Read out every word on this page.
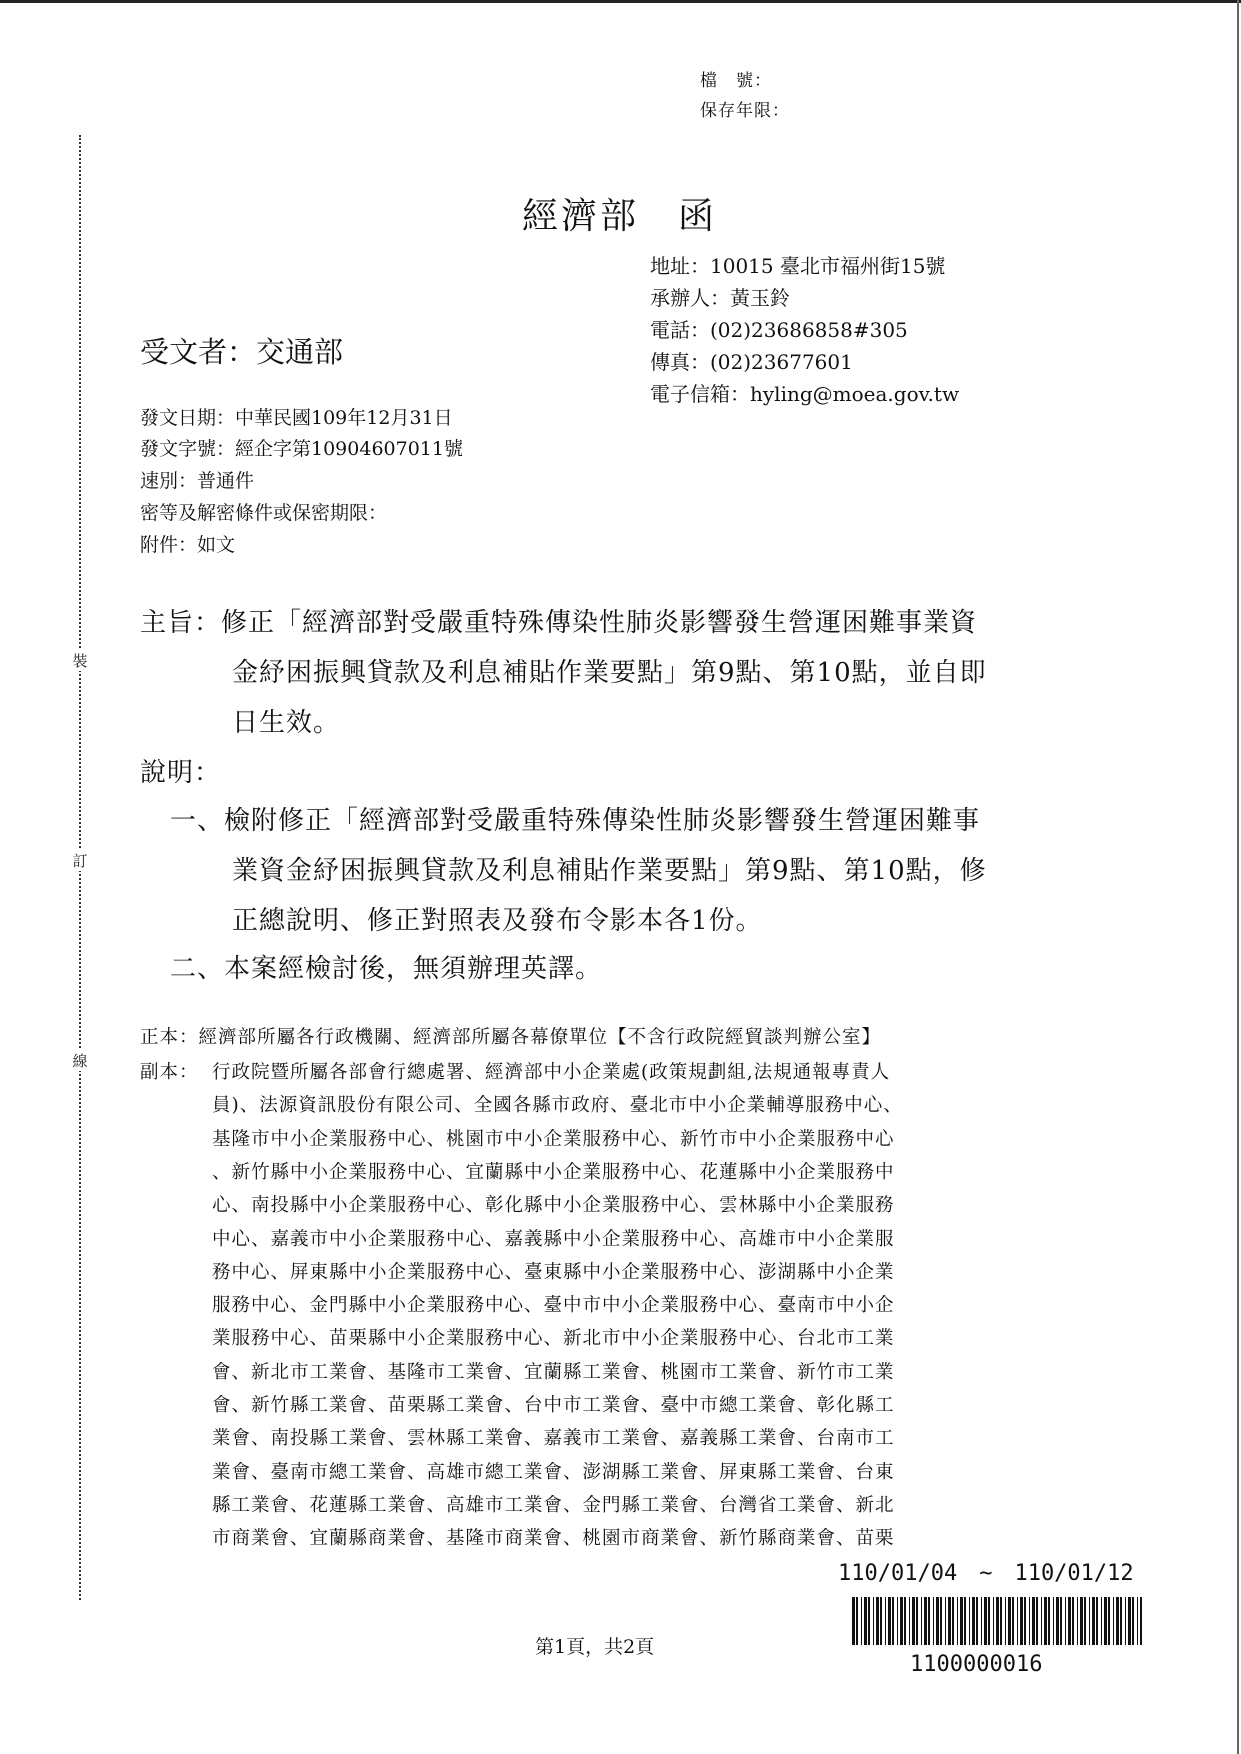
裝
訂
線
檔　號：
保存年限：
經濟部　函
地址：10015 臺北市福州街15號
承辦人：黃玉鈴
電話：(02)23686858#305
傳真：(02)23677601
電子信箱：hyling@moea.gov.tw
受文者：交通部
發文日期：中華民國109年12月31日
發文字號：經企字第10904607011號
速別：普通件
密等及解密條件或保密期限：
附件：如文
主旨：修正「經濟部對受嚴重特殊傳染性肺炎影響發生營運困難事業資
金紓困振興貸款及利息補貼作業要點」第9點、第10點，並自即
日生效。
說明：
一、檢附修正「經濟部對受嚴重特殊傳染性肺炎影響發生營運困難事
業資金紓困振興貸款及利息補貼作業要點」第9點、第10點，修
正總說明、修正對照表及發布令影本各1份。
二、本案經檢討後，無須辦理英譯。
正本：經濟部所屬各行政機關、經濟部所屬各幕僚單位【不含行政院經貿談判辦公室】
副本： 行政院暨所屬各部會行總處署、經濟部中小企業處(政策規劃組,法規通報專責人
員)、法源資訊股份有限公司、全國各縣市政府、臺北市中小企業輔導服務中心、
基隆市中小企業服務中心、桃園市中小企業服務中心、新竹市中小企業服務中心
、新竹縣中小企業服務中心、宜蘭縣中小企業服務中心、花蓮縣中小企業服務中
心、南投縣中小企業服務中心、彰化縣中小企業服務中心、雲林縣中小企業服務
中心、嘉義市中小企業服務中心、嘉義縣中小企業服務中心、高雄市中小企業服
務中心、屏東縣中小企業服務中心、臺東縣中小企業服務中心、澎湖縣中小企業
服務中心、金門縣中小企業服務中心、臺中市中小企業服務中心、臺南市中小企
業服務中心、苗栗縣中小企業服務中心、新北市中小企業服務中心、台北市工業
會、新北市工業會、基隆市工業會、宜蘭縣工業會、桃園市工業會、新竹市工業
會、新竹縣工業會、苗栗縣工業會、台中市工業會、臺中市總工業會、彰化縣工
業會、南投縣工業會、雲林縣工業會、嘉義市工業會、嘉義縣工業會、台南市工
業會、臺南市總工業會、高雄市總工業會、澎湖縣工業會、屏東縣工業會、台東
縣工業會、花蓮縣工業會、高雄市工業會、金門縣工業會、台灣省工業會、新北
市商業會、宜蘭縣商業會、基隆市商業會、桃園市商業會、新竹縣商業會、苗栗
110/01/04　~　110/01/12
1100000016
第1頁，共2頁
